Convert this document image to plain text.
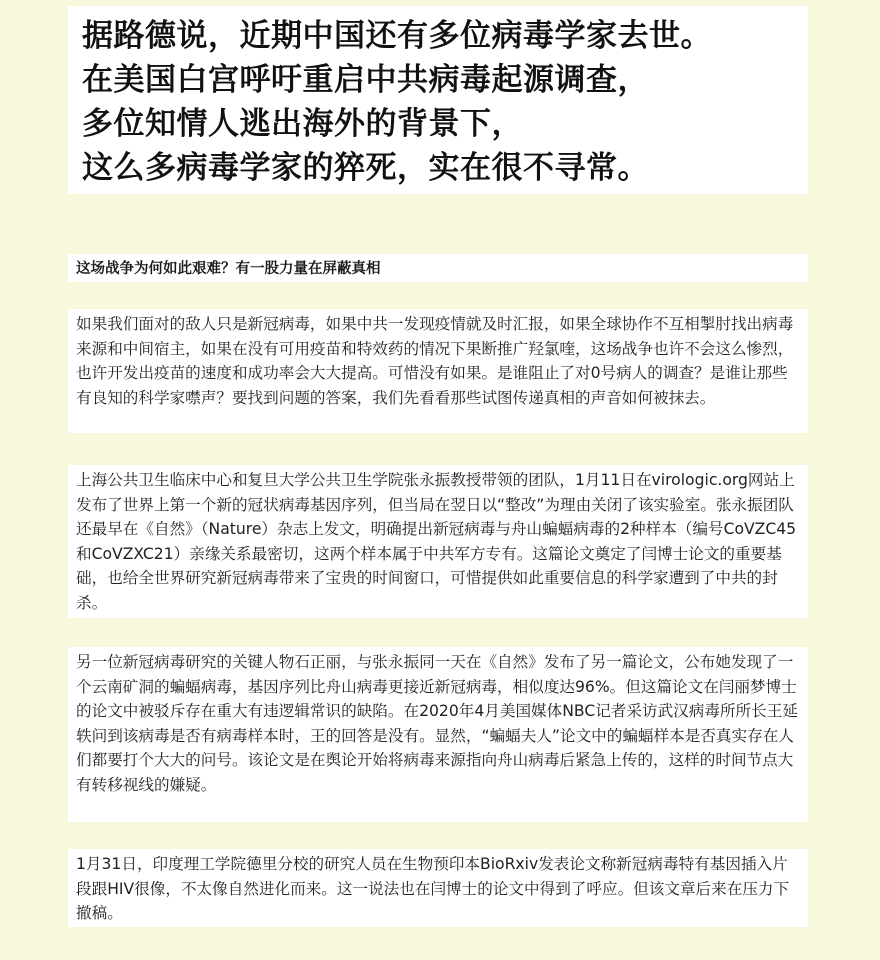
据路德说，近期中国还有多位病毒学家去世。
在美国白宫呼吁重启中共病毒起源调查，
多位知情人逃出海外的背景下，
这么多病毒学家的猝死，实在很不寻常。
这场战争为何如此艰难？有一股力量在屏蔽真相

如果我们面对的敌人只是新冠病毒，如果中共一发现疫情就及时汇报，如果全球协作不互相掣肘找出病毒来源和中间宿主，如果在没有可用疫苗和特效药的情况下果断推广羟氯喹，这场战争也许不会这么惨烈，也许开发出疫苗的速度和成功率会大大提高。可惜没有如果。是谁阻止了对0号病人的调查？是谁让那些有良知的科学家噤声？要找到问题的答案，我们先看看那些试图传递真相的声音如何被抹去。

上海公共卫生临床中心和复旦大学公共卫生学院张永振教授带领的团队，1月11日在virologic.org网站上发布了世界上第一个新的冠状病毒基因序列，但当局在翌日以“整改”为理由关闭了该实验室。张永振团队还最早在《自然》（Nature）杂志上发文，明确提出新冠病毒与舟山蝙蝠病毒的2种样本（编号CoVZC45和CoVZXC21）亲缘关系最密切，这两个样本属于中共军方专有。这篇论文奠定了闫博士论文的重要基础，也给全世界研究新冠病毒带来了宝贵的时间窗口，可惜提供如此重要信息的科学家遭到了中共的封杀。

另一位新冠病毒研究的关键人物石正丽，与张永振同一天在《自然》发布了另一篇论文，公布她发现了一个云南矿洞的蝙蝠病毒，基因序列比舟山病毒更接近新冠病毒，相似度达96%。但这篇论文在闫丽梦博士的论文中被驳斥存在重大有违逻辑常识的缺陷。在2020年4月美国媒体NBC记者采访武汉病毒所所长王延轶问到该病毒是否有病毒样本时，王的回答是没有。显然，“蝙蝠夫人”论文中的蝙蝠样本是否真实存在人们都要打个大大的问号。该论文是在舆论开始将病毒来源指向舟山病毒后紧急上传的，这样的时间节点大有转移视线的嫌疑。

1月31日，印度理工学院德里分校的研究人员在生物预印本BioRxiv发表论文称新冠病毒特有基因插入片段跟HIV很像，不太像自然进化而来。这一说法也在闫博士的论文中得到了呼应。但该文章后来在压力下撤稿。
